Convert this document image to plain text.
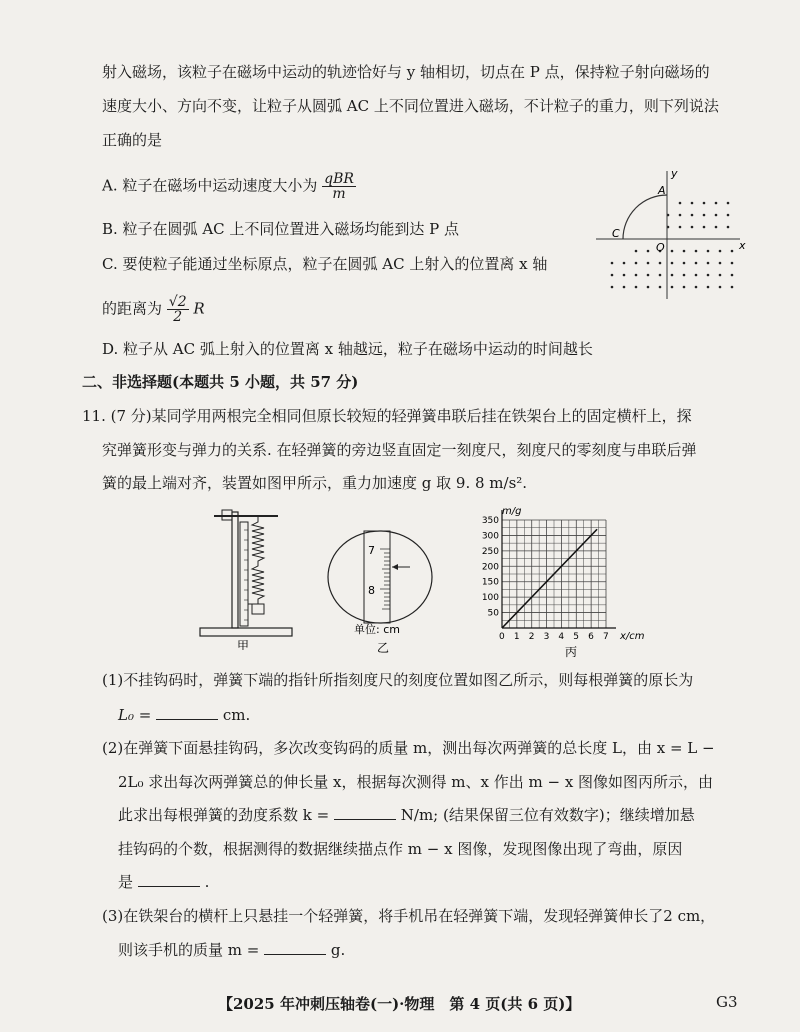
射入磁场，该粒子在磁场中运动的轨迹恰好与 y 轴相切，切点在 P 点，保持粒子射向磁场的
速度大小、方向不变，让粒子从圆弧 AC 上不同位置进入磁场，不计粒子的重力，则下列说法
正确的是
A. 粒子在磁场中运动速度大小为 $\frac{\text{qBR}}{m}$
B. 粒子在圆弧 AC 上不同位置进入磁场均能到达 P 点
C. 要使粒子能通过坐标原点，粒子在圆弧 AC 上射入的位置离 x 轴
的距离为 $\frac{√2}{2}$ R
D. 粒子从 AC 弧上射入的位置离 x 轴越远，粒子在磁场中运动的时间越长
y
x
A
C
O
二、非选择题(本题共 5 小题，共 57 分)
11. (7 分)某同学用两根完全相同但原长较短的轻弹簧串联后挂在铁架台上的固定横杆上，探
究弹簧形变与弹力的关系. 在轻弹簧的旁边竖直固定一刻度尺，刻度尺的零刻度与串联后弹
簧的最上端对齐，装置如图甲所示，重力加速度 g 取 9. 8 m/s².
甲
7
8
单位: cm
乙
m/g
x/cm
丙
0 1 2 3 4 5 6 7
50
100
150
200
250
300
350
(1)不挂钩码时，弹簧下端的指针所指刻度尺的刻度位置如图乙所示，则每根弹簧的原长为
L₀ =	cm.
(2)在弹簧下面悬挂钩码，多次改变钩码的质量 m，测出每次两弹簧的总长度 L，由 x = L −
2L₀ 求出每次两弹簧总的伸长量 x，根据每次测得 m、x 作出 m − x 图像如图丙所示，由
此求出每根弹簧的劲度系数 k =	N/m; (结果保留三位有效数字)；继续增加悬
挂钩码的个数，根据测得的数据继续描点作 m − x 图像，发现图像出现了弯曲，原因
是	.
(3)在铁架台的横杆上只悬挂一个轻弹簧，将手机吊在轻弹簧下端，发现轻弹簧伸长了2 cm，
则该手机的质量 m =	g.
【2025 年冲刺压轴卷(一)·物理　第 4 页(共 6 页)】	G3
